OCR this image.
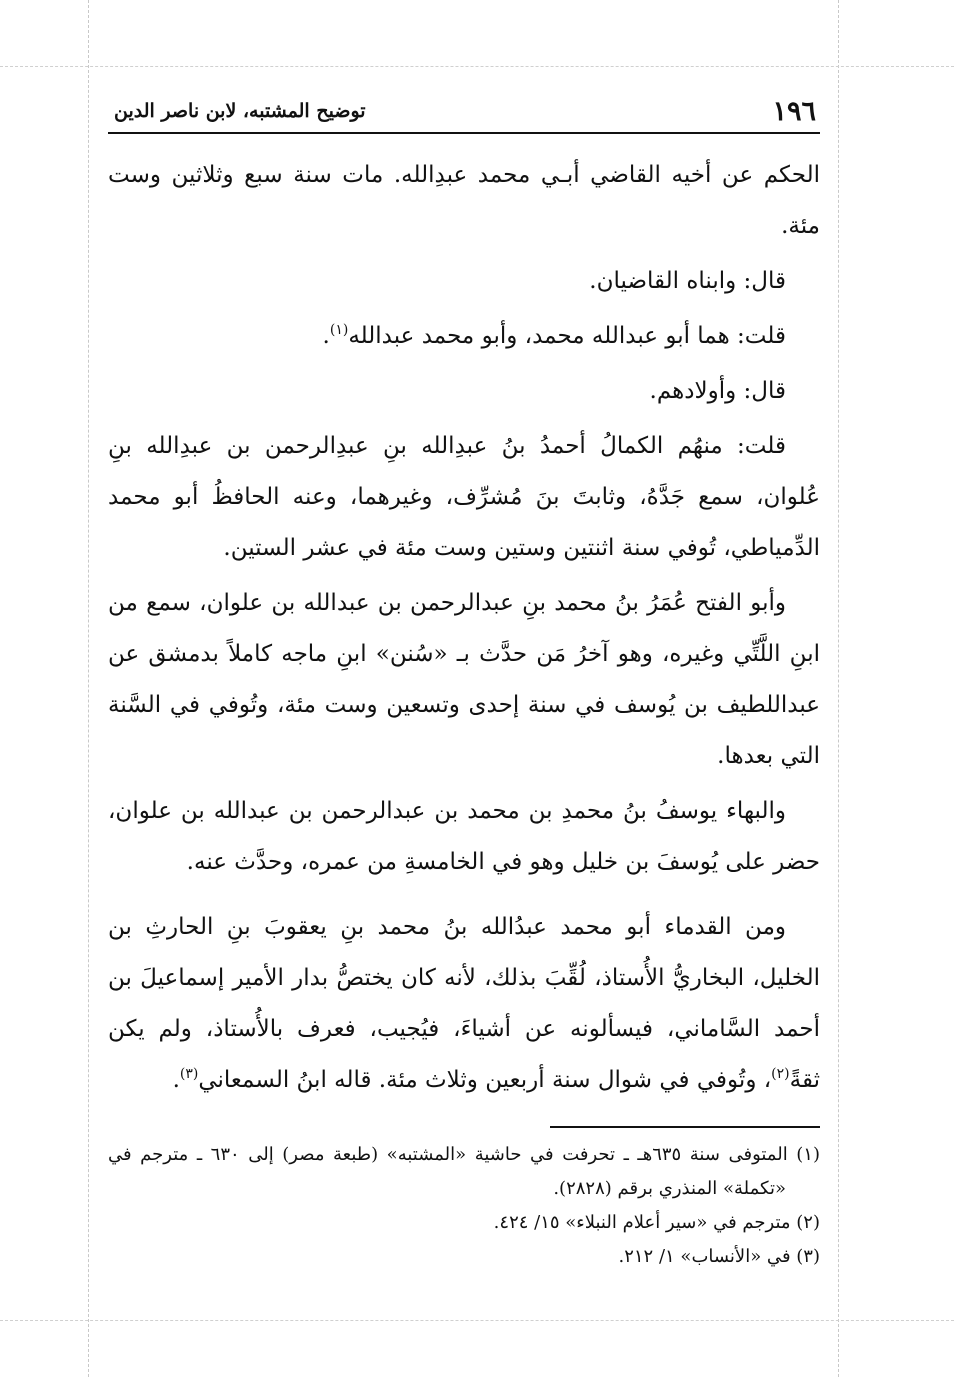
١٩٦
توضيح المشتبه، لابن ناصر الدين

الحكم عن أخيه القاضي أبـي محمد عبدِالله. مات سنة سبع وثلاثين وست مئة.

قال: وابناه القاضيان.

قلت: هما أبو عبدالله محمد، وأبو محمد عبدالله$^{(١)}$.

قال: وأولادهم.

قلت: منهُم الكمالُ أحمدُ بنُ عبدِالله بنِ عبدِالرحمن بن عبدِالله بنِ عُلوان، سمع جَدَّهُ، وثابتَ بنَ مُشرِّف، وغيرهما، وعنه الحافظُ أبو محمد الدِّمياطي، تُوفي سنة اثنتين وستين وست مئة في عشر الستين.

وأبو الفتح عُمَرُ بنُ محمد بنِ عبدالرحمن بن عبدالله بن علوان، سمع من ابنِ اللَّتِّي وغيره، وهو آخرُ مَن حدَّث بـ «سُنن» ابنِ ماجه كاملاً بدمشق عن عبداللطيف بن يُوسف في سنة إحدى وتسعين وست مئة، وتُوفي في السَّنة التي بعدها.

والبهاء يوسفُ بنُ محمدِ بن محمد بن عبدالرحمن بن عبدالله بن علوان، حضر على يُوسفَ بن خليل وهو في الخامسةِ من عمره، وحدَّث عنه.

ومن القدماء أبو محمد عبدُالله بنُ محمد بنِ يعقوبَ بنِ الحارثِ بن الخليل، البخاريُّ الأُستاذ، لُقِّبَ بذلك، لأنه كان يختصُّ بدار الأمير إسماعيلَ بن أحمد السَّاماني، فيسألونه عن أشياءَ، فيُجيب، فعرف بالأُستاذ، ولم يكن ثقةً$^{(٢)}$، وتُوفي في شوال سنة أربعين وثلاث مئة. قاله ابنُ السمعاني$^{(٣)}$.

(١) المتوفى سنة ٦٣٥هـ ـ تحرفت في حاشية «المشتبه» (طبعة مصر) إلى ٦٣٠ ـ مترجم في «تكملة» المنذري برقم (٢٨٢٨).

(٢) مترجم في «سير أعلام النبلاء» ١٥/ ٤٢٤.

(٣) في «الأنساب» ١/ ٢١٢.
